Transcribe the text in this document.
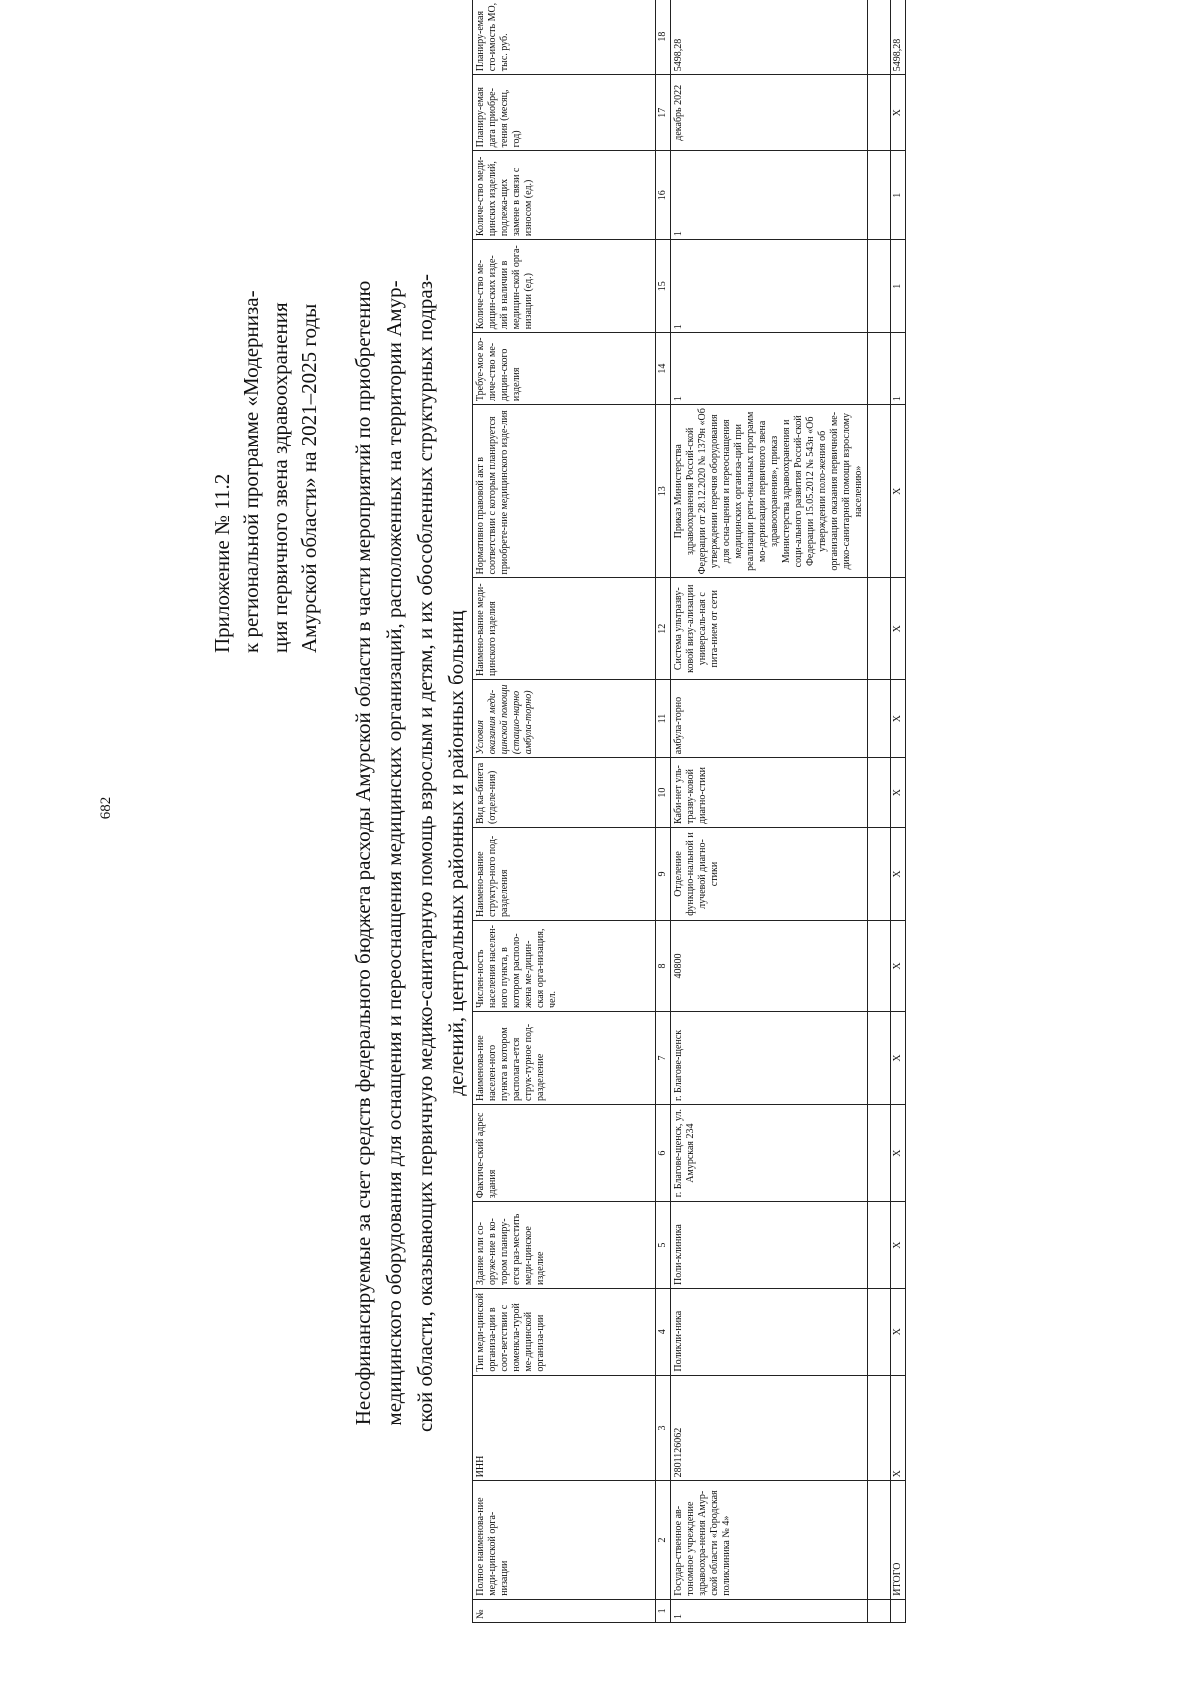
682
Приложение № 11.2 к региональной программе «Модерниза- ция первичного звена здравоохранения Амурской области» на 2021–2025 годы Несофинансируемые за счет средств федерального бюджета расходы Амурской области в части мероприятий по приобретению медицинского оборудования для оснащения и переоснащения медицинских организаций, расположенных на территории Амур- ской области, оказывающих первичную медико-санитарную помощь взрослым и детям, и их обособленных структурных подраз- делений, центральных районных и районных больниц
№	Полное наименова-ние меди-цинской орга-низации	ИНН	Тип меди-цинской организа-ции в соот-ветствии с номенкла-турой ме-дицинской организа-ции	Здание или со-оруже-ние в ко-тором планиру-ется раз-местить меди-цинское изделие	Фактиче-ский адрес здания	Наименова-ние населен-ного пункта в котором располага-ется струк-турное под-разделение	Числен-ность населения населен-ного пункта, в котором располо-жена ме-дицин-ская орга-низация, чел.	Наимено-вание структур-ного под-разделения	Вид ка-бинета (отделе-ния)	Условия оказания меди-цинской помощи (стацио-нарно амбула-торно)	Наимено-вание меди-цинского изделия	Нормативно правовой акт в соответствии с которым планируется приобрете-ние медицинского изде-лия	Требуе-мое ко-личе-ство ме-дицин-ского изделия	Количе-ство ме-дицин-ских изде-лий в наличии в медицин-ской орга-низации (ед.)	Количе-ство меди-цинских изделий, подлежа-щих замене в связи с износом (ед.)	Планиру-емая дата приобре-тения (месяц, год)	Планиру-емая сто-имость МО, тыс. руб.
1	2	3	4	5	6	7	8	9	10	11	12	13	14	15	16	17	18
1	Государ-ственное ав-тономное учреждение здравоохра-нения Амур-ской области «Городская поликлиника № 4»	2801126062	Поликли-ника	Поли-клиника	г. Благове-щенск, ул. Амурская 234	г. Благове-щенск	40800	Отделение функцио-нальной и лучевой диагно-стики	Каби-нет уль-тразву-ковой диагно-стики	амбула-торно	Система ультразву-ковой визу-ализации универсаль-ная с пита-нием от сети	Приказ Министерства здравоохранения Россий-ской Федерации от 28.12.2020 № 1379н «Об утверждении перечня оборудования для осна-щения и переоснащения медицинских организа-ций при реализации реги-ональных программ мо-дернизации первичного звена здравоохранения», приказ Министерства здравоохранения и соци-ального развития Россий-ской Федерации 15.05.2012 № 543н «Об утверждении поло-жения об организации оказания первичной ме-дико-санитарной помощи взрослому населению»	1	1	1	декабрь 2022	5498,28

	ИТОГО	X	X	X	X	X	X	X	X	X	X	X	1	1	1	X	5498,28
